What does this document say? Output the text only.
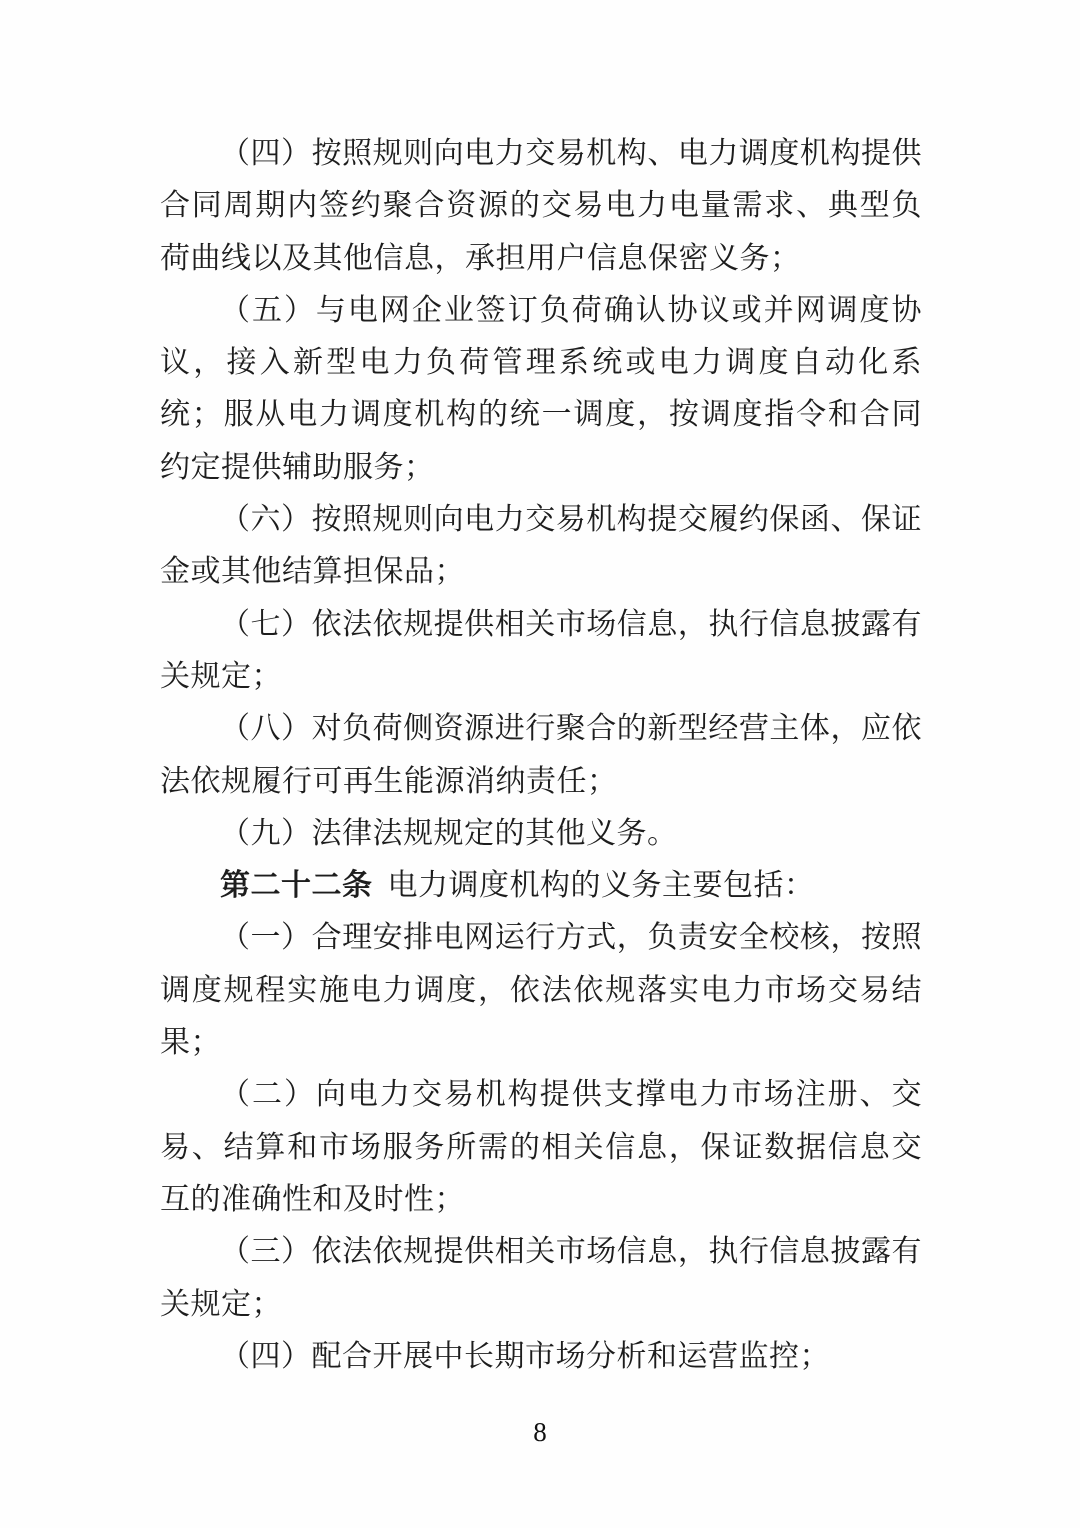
（四）按照规则向电力交易机构、电力调度机构提供合同周期内签约聚合资源的交易电力电量需求、典型负荷曲线以及其他信息，承担用户信息保密义务；

（五）与电网企业签订负荷确认协议或并网调度协议，接入新型电力负荷管理系统或电力调度自动化系统；服从电力调度机构的统一调度，按调度指令和合同约定提供辅助服务；

（六）按照规则向电力交易机构提交履约保函、保证金或其他结算担保品；

（七）依法依规提供相关市场信息，执行信息披露有关规定；

（八）对负荷侧资源进行聚合的新型经营主体，应依法依规履行可再生能源消纳责任；

（九）法律法规规定的其他义务。

第二十二条 电力调度机构的义务主要包括：

（一）合理安排电网运行方式，负责安全校核，按照调度规程实施电力调度，依法依规落实电力市场交易结果；

（二）向电力交易机构提供支撑电力市场注册、交易、结算和市场服务所需的相关信息，保证数据信息交互的准确性和及时性；

（三）依法依规提供相关市场信息，执行信息披露有关规定；

（四）配合开展中长期市场分析和运营监控；

8
